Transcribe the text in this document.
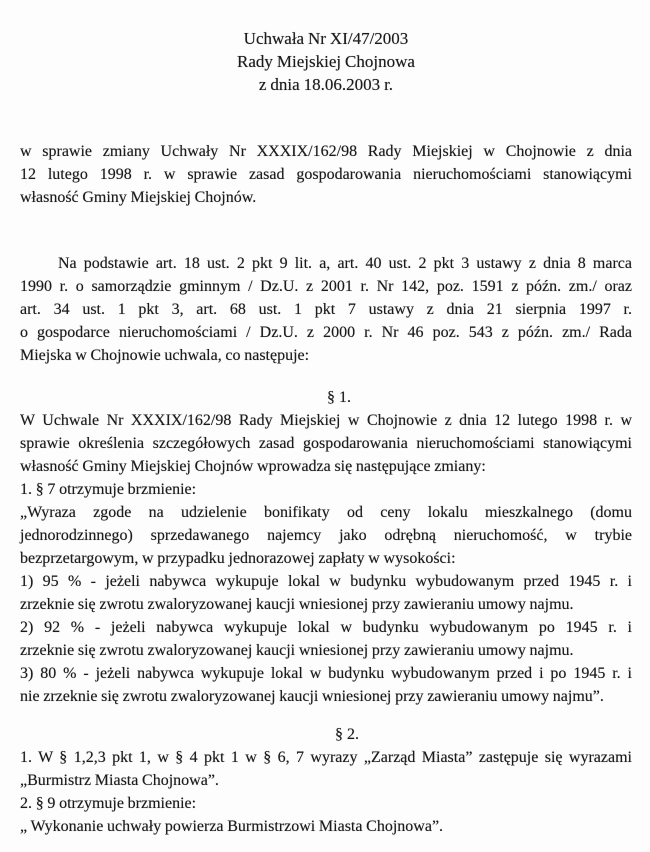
Uchwała Nr XI/47/2003
Rady Miejskiej Chojnowa
z dnia 18.06.2003 r.
w sprawie zmiany Uchwały Nr XXXIX/162/98 Rady Miejskiej w Chojnowie z dnia
12 lutego 1998 r. w sprawie zasad gospodarowania nieruchomościami stanowiącymi
własność Gminy Miejskiej Chojnów.
Na podstawie art. 18 ust. 2 pkt 9 lit. a, art. 40 ust. 2 pkt 3 ustawy z dnia 8 marca
1990 r. o samorządzie gminnym / Dz.U. z 2001 r. Nr 142, poz. 1591 z późn. zm./ oraz
art. 34 ust. 1 pkt 3, art. 68 ust. 1 pkt 7 ustawy z dnia 21 sierpnia 1997 r.
o gospodarce nieruchomościami / Dz.U. z 2000 r. Nr 46 poz. 543 z późn. zm./ Rada
Miejska w Chojnowie uchwala, co następuje:
§ 1.
W Uchwale Nr XXXIX/162/98 Rady Miejskiej w Chojnowie z dnia 12 lutego 1998 r. w
sprawie określenia szczegółowych zasad gospodarowania nieruchomościami stanowiącymi
własność Gminy Miejskiej Chojnów wprowadza się następujące zmiany:
1. § 7 otrzymuje brzmienie:
„Wyraza zgode na udzielenie bonifikaty od ceny lokalu mieszkalnego (domu
jednorodzinnego) sprzedawanego najemcy jako odrębną nieruchomość, w trybie
bezprzetargowym, w przypadku jednorazowej zapłaty w wysokości:
1) 95 % - jeżeli nabywca wykupuje lokal w budynku wybudowanym przed 1945 r. i
zrzeknie się zwrotu zwaloryzowanej kaucji wniesionej przy zawieraniu umowy najmu.
2) 92 % - jeżeli nabywca wykupuje lokal w budynku wybudowanym po 1945 r. i
zrzeknie się zwrotu zwaloryzowanej kaucji wniesionej przy zawieraniu umowy najmu.
3) 80 % - jeżeli nabywca wykupuje lokal w budynku wybudowanym przed i po 1945 r. i
nie zrzeknie się zwrotu zwaloryzowanej kaucji wniesionej przy zawieraniu umowy najmu”.
§ 2.
1. W § 1,2,3 pkt 1, w § 4 pkt 1 w § 6, 7 wyrazy „Zarząd Miasta” zastępuje się wyrazami
„Burmistrz Miasta Chojnowa”.
2. § 9 otrzymuje brzmienie:
„ Wykonanie uchwały powierza Burmistrzowi Miasta Chojnowa”.
